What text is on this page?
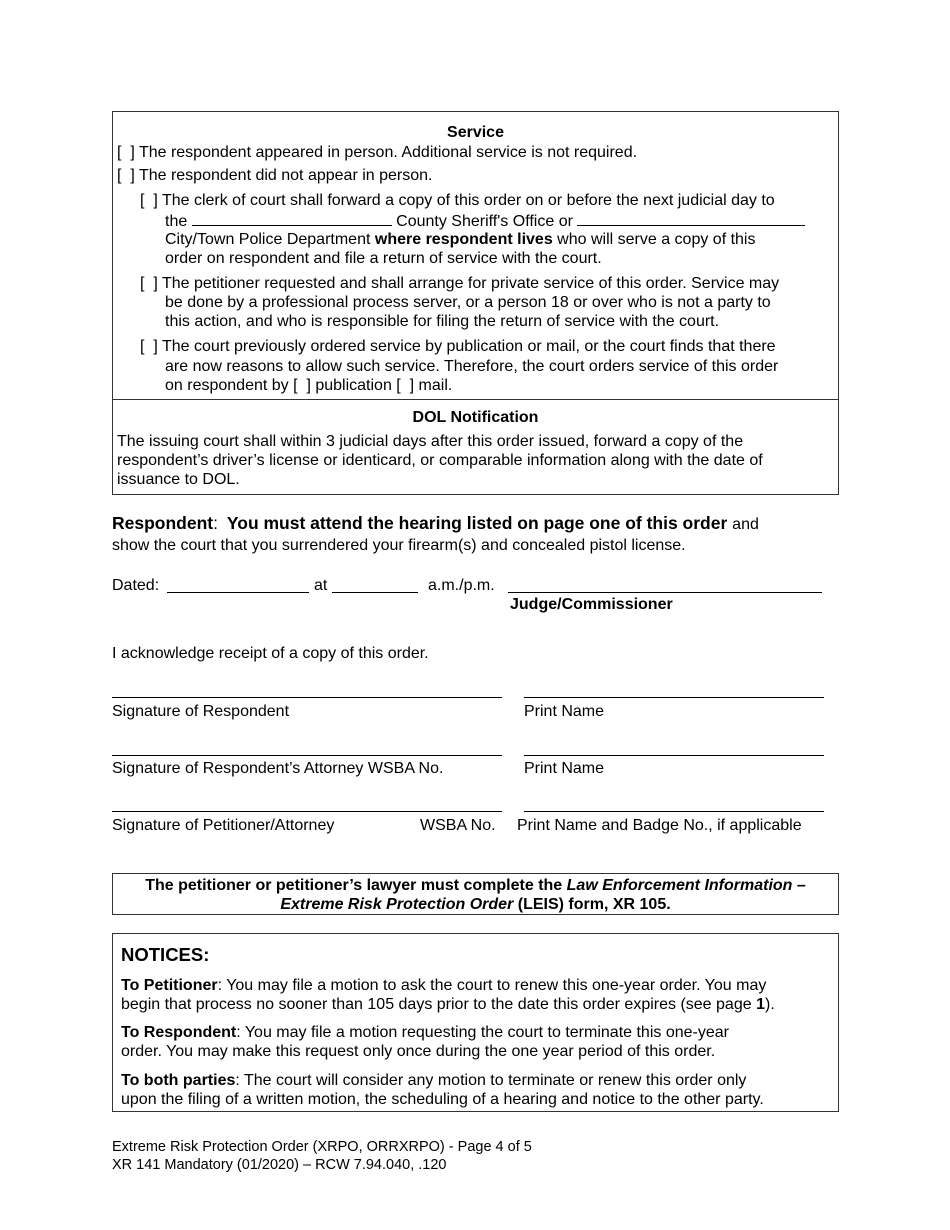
Service
[  ] The respondent appeared in person. Additional service is not required.
[  ] The respondent did not appear in person.
[  ] The clerk of court shall forward a copy of this order on or before the next judicial day to
the	County Sheriff's Office or
City/Town Police Department where respondent lives who will serve a copy of this
order on respondent and file a return of service with the court.
[  ] The petitioner requested and shall arrange for private service of this order. Service may
be done by a professional process server, or a person 18 or over who is not a party to
this action, and who is responsible for filing the return of service with the court.
[  ] The court previously ordered service by publication or mail, or the court finds that there
are now reasons to allow such service. Therefore, the court orders service of this order
on respondent by [  ] publication [  ] mail.
DOL Notification
The issuing court shall within 3 judicial days after this order issued, forward a copy of the
respondent’s driver’s license or identicard, or comparable information along with the date of
issuance to DOL.
Respondent: You must attend the hearing listed on page one of this order and
show the court that you surrendered your firearm(s) and concealed pistol license.
Dated:	at	a.m./p.m.
Judge/Commissioner
I acknowledge receipt of a copy of this order.
Signature of Respondent	Print Name
Signature of Respondent’s Attorney WSBA No.	Print Name
Signature of Petitioner/Attorney	WSBA No. Print Name and Badge No., if applicable
The petitioner or petitioner’s lawyer must complete the Law Enforcement Information –
Extreme Risk Protection Order (LEIS) form, XR 105.
NOTICES:
To Petitioner: You may file a motion to ask the court to renew this one-year order. You may
begin that process no sooner than 105 days prior to the date this order expires (see page 1).
To Respondent: You may file a motion requesting the court to terminate this one-year
order. You may make this request only once during the one year period of this order.
To both parties: The court will consider any motion to terminate or renew this order only
upon the filing of a written motion, the scheduling of a hearing and notice to the other party.
Extreme Risk Protection Order (XRPO, ORRXRPO) - Page 4 of 5
XR 141 Mandatory (01/2020) – RCW 7.94.040, .120
